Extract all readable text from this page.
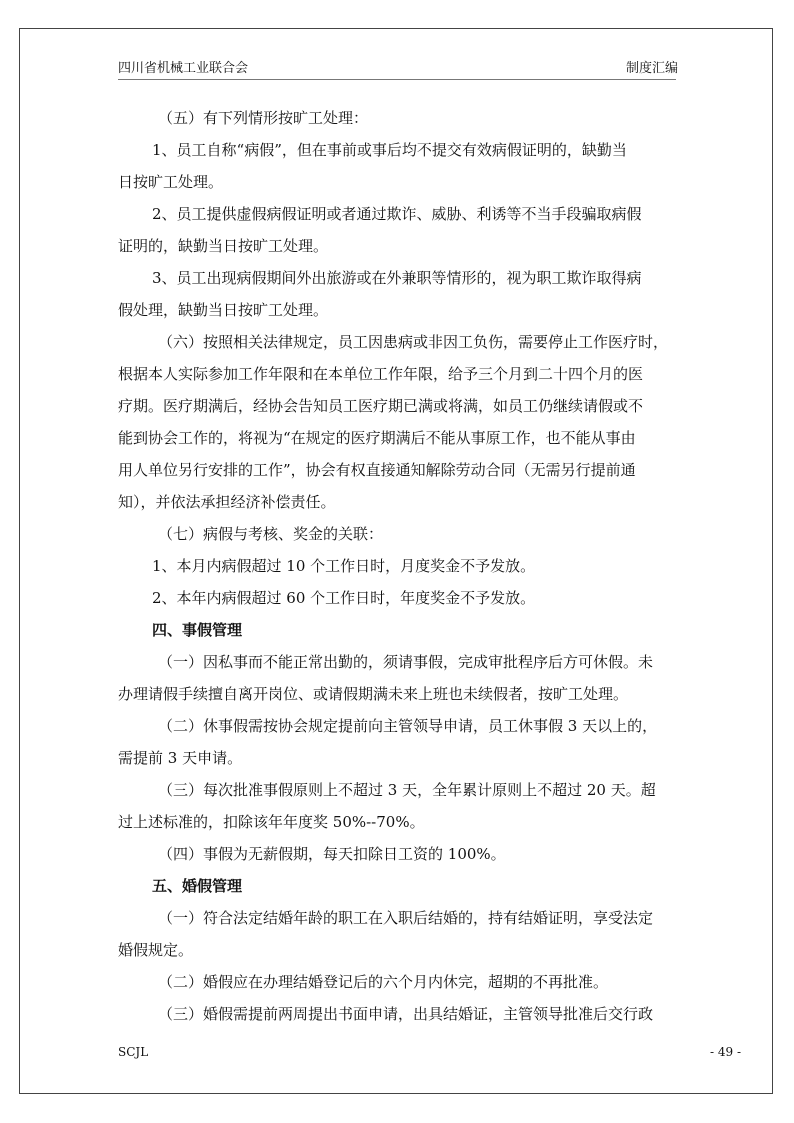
四川省机械工业联合会	制度汇编
（五）有下列情形按旷工处理：
1、员工自称“病假”，但在事前或事后均不提交有效病假证明的，缺勤当
日按旷工处理。
2、员工提供虚假病假证明或者通过欺诈、威胁、利诱等不当手段骗取病假
证明的，缺勤当日按旷工处理。
3、员工出现病假期间外出旅游或在外兼职等情形的，视为职工欺诈取得病
假处理，缺勤当日按旷工处理。
（六）按照相关法律规定，员工因患病或非因工负伤，需要停止工作医疗时，
根据本人实际参加工作年限和在本单位工作年限，给予三个月到二十四个月的医
疗期。医疗期满后，经协会告知员工医疗期已满或将满，如员工仍继续请假或不
能到协会工作的，将视为“在规定的医疗期满后不能从事原工作，也不能从事由
用人单位另行安排的工作”，协会有权直接通知解除劳动合同（无需另行提前通
知），并依法承担经济补偿责任。
（七）病假与考核、奖金的关联：
1、本月内病假超过 10 个工作日时，月度奖金不予发放。
2、本年内病假超过 60 个工作日时，年度奖金不予发放。
四、事假管理
（一）因私事而不能正常出勤的，须请事假，完成审批程序后方可休假。未
办理请假手续擅自离开岗位、或请假期满未来上班也未续假者，按旷工处理。
（二）休事假需按协会规定提前向主管领导申请，员工休事假 3 天以上的，
需提前 3 天申请。
（三）每次批准事假原则上不超过 3 天，全年累计原则上不超过 20 天。超
过上述标准的，扣除该年年度奖 50%--70%。
（四）事假为无薪假期，每天扣除日工资的 100%。
五、婚假管理
（一）符合法定结婚年龄的职工在入职后结婚的，持有结婚证明，享受法定
婚假规定。
（二）婚假应在办理结婚登记后的六个月内休完，超期的不再批准。
（三）婚假需提前两周提出书面申请，出具结婚证，主管领导批准后交行政
SCJL	- 49 -
